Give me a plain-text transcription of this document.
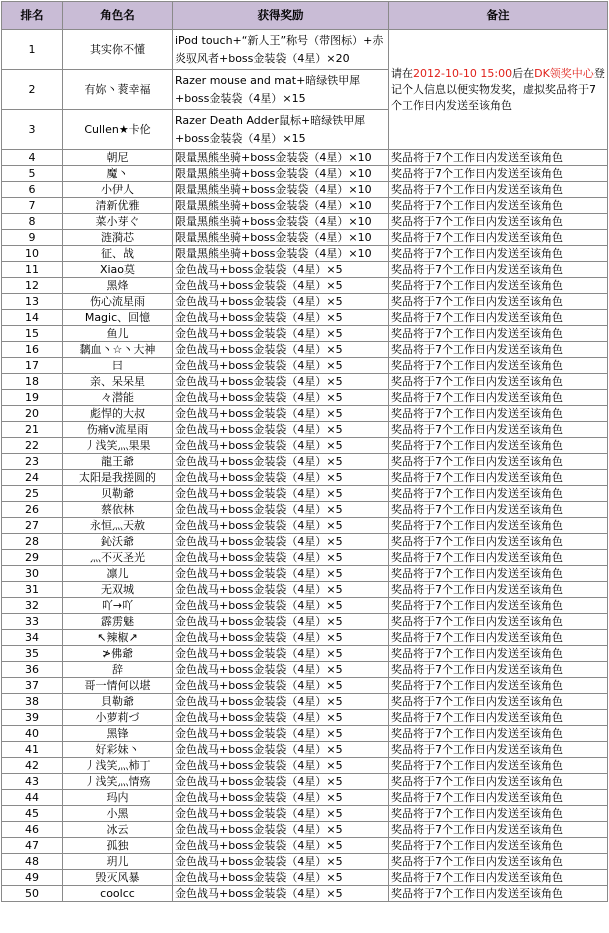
排名	角色名	获得奖励	备注
1	其实你不懂	iPod touch+“新人王”称号（带图标）+赤炎驭风者+boss金装袋（4星）×20	请在2012-10-10 15:00后在DK领奖中心登记个人信息以便实物发奖，虚拟奖品将于7个工作日内发送至该角色
2	有妳丶蓘幸福	Razer mouse and mat+暗绿铁甲犀+boss金装袋（4星）×15	
3	Cullen★卡伦	Razer Death Adder鼠标+暗绿铁甲犀+boss金装袋（4星）×15	
4	朝尼	限量黑熊坐骑+boss金装袋（4星）×10	奖品将于7个工作日内发送至该角色
5	魔丶	限量黑熊坐骑+boss金装袋（4星）×10	奖品将于7个工作日内发送至该角色
6	小伊人	限量黑熊坐骑+boss金装袋（4星）×10	奖品将于7个工作日内发送至该角色
7	清新优雅	限量黑熊坐骑+boss金装袋（4星）×10	奖品将于7个工作日内发送至该角色
8	菜小芽ぐ	限量黑熊坐骑+boss金装袋（4星）×10	奖品将于7个工作日内发送至该角色
9	涟漪芯	限量黑熊坐骑+boss金装袋（4星）×10	奖品将于7个工作日内发送至该角色
10	征、战	限量黑熊坐骑+boss金装袋（4星）×10	奖品将于7个工作日内发送至该角色
11	Xiao莫	金色战马+boss金装袋（4星）×5	奖品将于7个工作日内发送至该角色
12	黑烽	金色战马+boss金装袋（4星）×5	奖品将于7个工作日内发送至该角色
13	伤心流星雨	金色战马+boss金装袋（4星）×5	奖品将于7个工作日内发送至该角色
14	Magic、回憶	金色战马+boss金装袋（4星）×5	奖品将于7个工作日内发送至该角色
15	鱼儿	金色战马+boss金装袋（4星）×5	奖品将于7个工作日内发送至该角色
16	黐血丶☆丶大神	金色战马+boss金装袋（4星）×5	奖品将于7个工作日内发送至该角色
17	曰	金色战马+boss金装袋（4星）×5	奖品将于7个工作日内发送至该角色
18	亲、呆呆星	金色战马+boss金装袋（4星）×5	奖品将于7个工作日内发送至该角色
19	々潜能	金色战马+boss金装袋（4星）×5	奖品将于7个工作日内发送至该角色
20	彪悍的大叔	金色战马+boss金装袋（4星）×5	奖品将于7个工作日内发送至该角色
21	伤痛v流星雨	金色战马+boss金装袋（4星）×5	奖品将于7个工作日内发送至该角色
22	丿浅笑灬果果	金色战马+boss金装袋（4星）×5	奖品将于7个工作日内发送至该角色
23	龍王爺	金色战马+boss金装袋（4星）×5	奖品将于7个工作日内发送至该角色
24	太阳是我搓圆的	金色战马+boss金装袋（4星）×5	奖品将于7个工作日内发送至该角色
25	贝勒爺	金色战马+boss金装袋（4星）×5	奖品将于7个工作日内发送至该角色
26	蔡依林	金色战马+boss金装袋（4星）×5	奖品将于7个工作日内发送至该角色
27	永恒灬天赦	金色战马+boss金装袋（4星）×5	奖品将于7个工作日内发送至该角色
28	鈊沃爺	金色战马+boss金装袋（4星）×5	奖品将于7个工作日内发送至该角色
29	灬不灭圣光	金色战马+boss金装袋（4星）×5	奖品将于7个工作日内发送至该角色
30	凛儿	金色战马+boss金装袋（4星）×5	奖品将于7个工作日内发送至该角色
31	无双城	金色战马+boss金装袋（4星）×5	奖品将于7个工作日内发送至该角色
32	吖→吖	金色战马+boss金装袋（4星）×5	奖品将于7个工作日内发送至该角色
33	霹雳魅	金色战马+boss金装袋（4星）×5	奖品将于7个工作日内发送至该角色
34	↖辣椒↗	金色战马+boss金装袋（4星）×5	奖品将于7个工作日内发送至该角色
35	≯佛爺	金色战马+boss金装袋（4星）×5	奖品将于7个工作日内发送至该角色
36	辞	金色战马+boss金装袋（4星）×5	奖品将于7个工作日内发送至该角色
37	哥一情何以堪	金色战马+boss金装袋（4星）×5	奖品将于7个工作日内发送至该角色
38	貝勒爺	金色战马+boss金装袋（4星）×5	奖品将于7个工作日内发送至该角色
39	小萝莉づ	金色战马+boss金装袋（4星）×5	奖品将于7个工作日内发送至该角色
40	黑锋	金色战马+boss金装袋（4星）×5	奖品将于7个工作日内发送至该角色
41	好彩妹丶	金色战马+boss金装袋（4星）×5	奖品将于7个工作日内发送至该角色
42	丿浅笑灬柿丁	金色战马+boss金装袋（4星）×5	奖品将于7个工作日内发送至该角色
43	丿浅笑灬情殇	金色战马+boss金装袋（4星）×5	奖品将于7个工作日内发送至该角色
44	玛内	金色战马+boss金装袋（4星）×5	奖品将于7个工作日内发送至该角色
45	小黑	金色战马+boss金装袋（4星）×5	奖品将于7个工作日内发送至该角色
46	冰云	金色战马+boss金装袋（4星）×5	奖品将于7个工作日内发送至该角色
47	孤独	金色战马+boss金装袋（4星）×5	奖品将于7个工作日内发送至该角色
48	玥儿	金色战马+boss金装袋（4星）×5	奖品将于7个工作日内发送至该角色
49	毁灭风暴	金色战马+boss金装袋（4星）×5	奖品将于7个工作日内发送至该角色
50	coolcc	金色战马+boss金装袋（4星）×5	奖品将于7个工作日内发送至该角色
